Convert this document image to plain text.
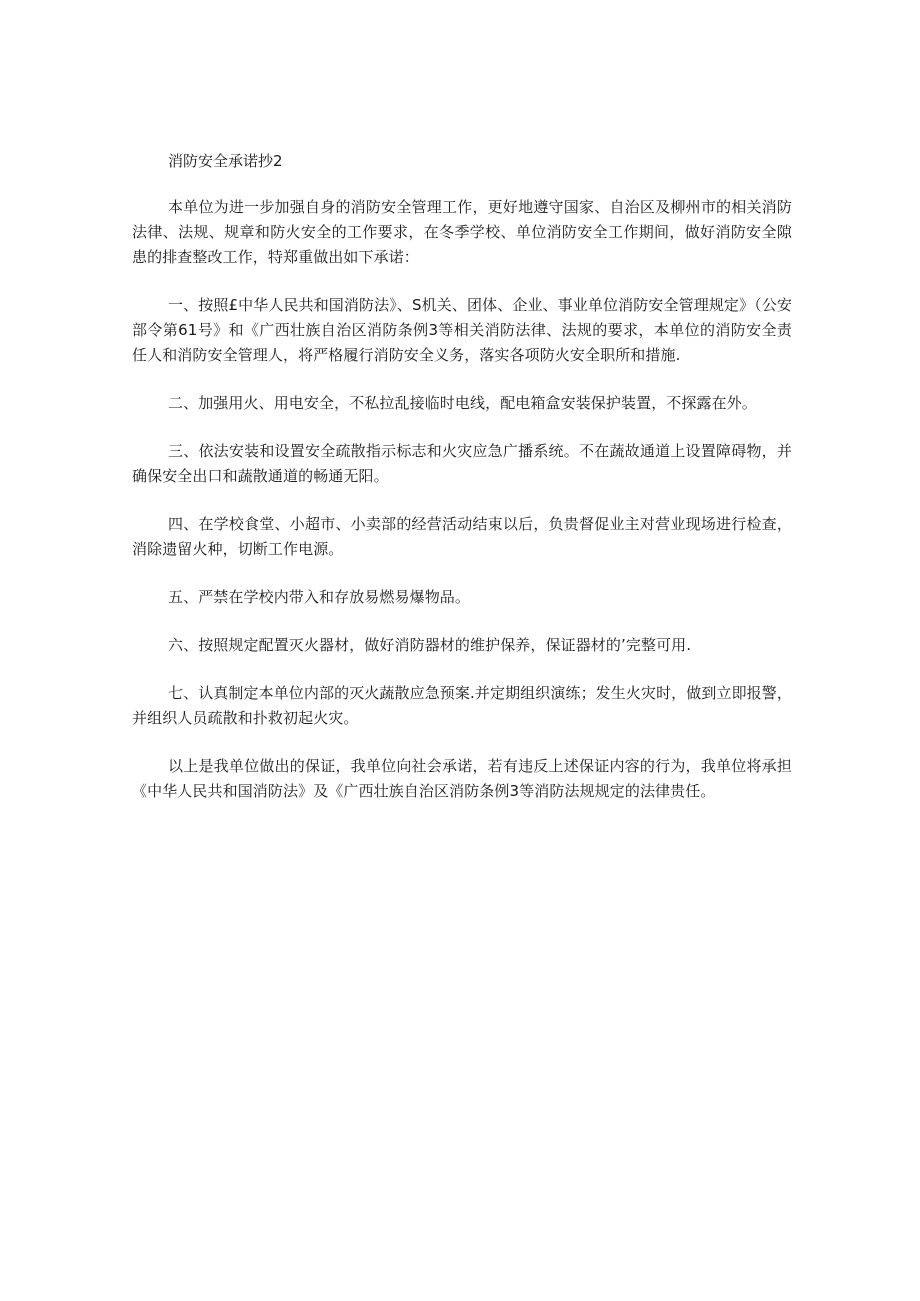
消防安全承诺抄2

本单位为进一步加强自身的消防安全管理工作，更好地遵守国家、自治区及柳州市的相关消防法律、法规、规章和防火安全的工作要求，在冬季学校、单位消防安全工作期间，做好消防安全隙患的排查整改工作，特郑重做出如下承诺：

一、按照£中华人民共和国消防法》、S机关、团体、企业、事业单位消防安全管理规定》（公安部令第61号》和《广西壮族自治区消防条例3等相关消防法律、法规的要求，本单位的消防安全责任人和消防安全管理人，将严格履行消防安全义务，落实各项防火安全职所和措施.

二、加强用火、用电安全，不私拉乱接临时电线，配电箱盒安装保护装置，不探露在外。

三、依法安装和设置安全疏散指示标志和火灾应急广播系统。不在蔬故通道上设置障碍物，并确保安全出口和蔬散通道的畅通无阳。

四、在学校食堂、小超市、小卖部的经营活动结束以后，负贵督促业主对营业现场进行检查，消除遗留火种，切断工作电源。

五、严禁在学校内带入和存放易燃易爆物品。

六、按照规定配置灭火器材，做好消防器材的维护保养，保证器材的’完整可用.

七、认真制定本单位内部的灭火蔬散应急预案.并定期组织演练；发生火灾时，做到立即报警，并组织人员疏散和扑救初起火灾。

以上是我单位做出的保证，我单位向社会承诺，若有违反上述保证内容的行为，我单位将承担《中华人民共和国消防法》及《广西壮族自治区消防条例3等消防法规规定的法律贵任。
